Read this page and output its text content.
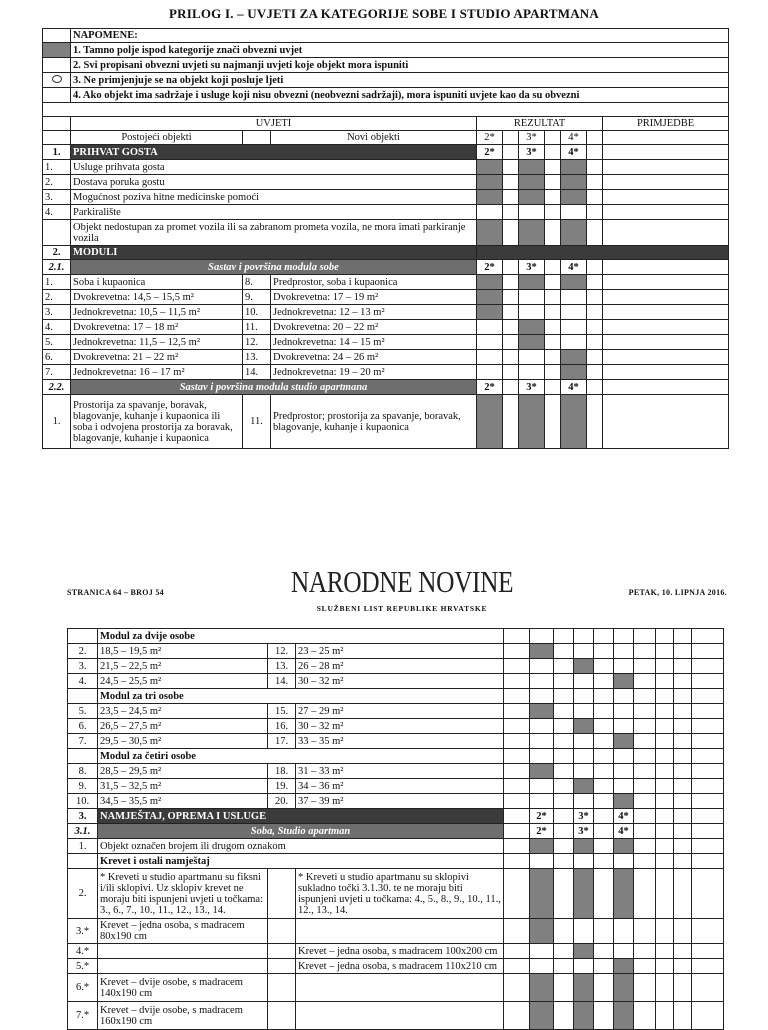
PRILOG I. – UVJETI ZA KATEGORIJE SOBE I STUDIO APARTMANA
	NAPOMENE:									
	1. Tamno polje ispod kategorije znači obvezni uvjet									
	2. Svi propisani obvezni uvjeti su najmanji uvjeti koje objekt mora ispuniti									
	3. Ne primjenjuje se na objekt koji posluje ljeti									
	4. Ako objekt ima sadržaje i usluge koji nisu obvezni (neobvezni sadržaji), mora ispuniti uvjete kao da su obvezni									

	UVJETI			REZULTAT						PRIMJEDBE
	Postojeći objekti		Novi objekti	2*		3*		4*		
1.	PRIHVAT GOSTA			2*		3*		4*		
1.	Usluge prihvata gosta									
2.	Dostava poruka gostu									
3.	Mogućnost poziva hitne medicinske pomoći									
4.	Parkiralište									
	Objekt nedostupan za promet vozila ili sa zabranom prometa vozila, ne mora imati parkiranje vozila									
2.	MODULI									
2.1.	Sastav i površina modula sobe			2*		3*		4*		
1.	Soba i kupaonica	8.	Predprostor, soba i kupaonica							
2.	Dvokrevetna: 14,5 – 15,5 m²	9.	Dvokrevetna: 17 – 19 m²							
3.	Jednokrevetna: 10,5 – 11,5 m²	10.	Jednokrevetna: 12 – 13 m²							
4.	Dvokrevetna: 17 – 18 m²	11.	Dvokrevetna: 20 – 22 m²							
5.	Jednokrevetna: 11,5 – 12,5 m²	12.	Jednokrevetna: 14 – 15 m²							
6.	Dvokrevetna: 21 – 22 m²	13.	Dvokrevetna: 24 – 26 m²							
7.	Jednokrevetna: 16 – 17 m²	14.	Jednokrevetna: 19 – 20 m²							
2.2.	Sastav i površina modula studio apartmana			2*		3*		4*		
1.	Prostorija za spavanje, boravak, blagovanje, kuhanje i kupaonica ili soba i odvojena prostorija za boravak, blagovanje, kuhanje i kupaonica	11.	Predprostor; prostorija za spavanje, boravak, blagovanje, kuhanje i kupaonica							
STRANICA 64 – BROJ 54	NARODNE NOVINE
SLUŽBENI LIST REPUBLIKE HRVATSKE
PETAK, 10. LIPNJA 2016.
	Modul za dvije osobe												
2.	18,5 – 19,5 m²	12.	23 – 25 m²										
3.	21,5 – 22,5 m²	13.	26 – 28 m²										
4.	24,5 – 25,5 m²	14.	30 – 32 m²										
	Modul za tri osobe												
5.	23,5 – 24,5 m²	15.	27 – 29 m²										
6.	26,5 – 27,5 m²	16.	30 – 32 m²										
7.	29,5 – 30,5 m²	17.	33 – 35 m²										
	Modul za četiri osobe												
8.	28,5 – 29,5 m²	18.	31 – 33 m²										
9.	31,5 – 32,5 m²	19.	34 – 36 m²										
10.	34,5 – 35,5 m²	20.	37 – 39 m²										
3.	NAMJEŠTAJ, OPREMA I USLUGE				2*		3*		4*				
3.1.	Soba, Studio apartman				2*		3*		4*				
1.	Objekt označen brojem ili drugom oznakom												
	Krevet i ostali namještaj												
2.	* Kreveti u studio apartmanu su fiksni i/ili sklopivi. Uz sklopiv krevet ne moraju biti ispunjeni uvjeti u točkama: 3., 6., 7., 10., 11., 12., 13., 14.		* Kreveti u studio apartmanu su sklopivi sukladno točki 3.1.30. te ne moraju biti ispunjeni uvjeti u točkama: 4., 5., 8., 9., 10., 11., 12., 13., 14.										
3.*	Krevet – jedna osoba, s madracem 80x190 cm												
4.*			Krevet – jedna osoba, s madracem 100x200 cm										
5.*			Krevet – jedna osoba, s madracem 110x210 cm										
6.*	Krevet – dvije osobe, s madracem 140x190 cm												
7.*	Krevet – dvije osobe, s madracem 160x190 cm												
